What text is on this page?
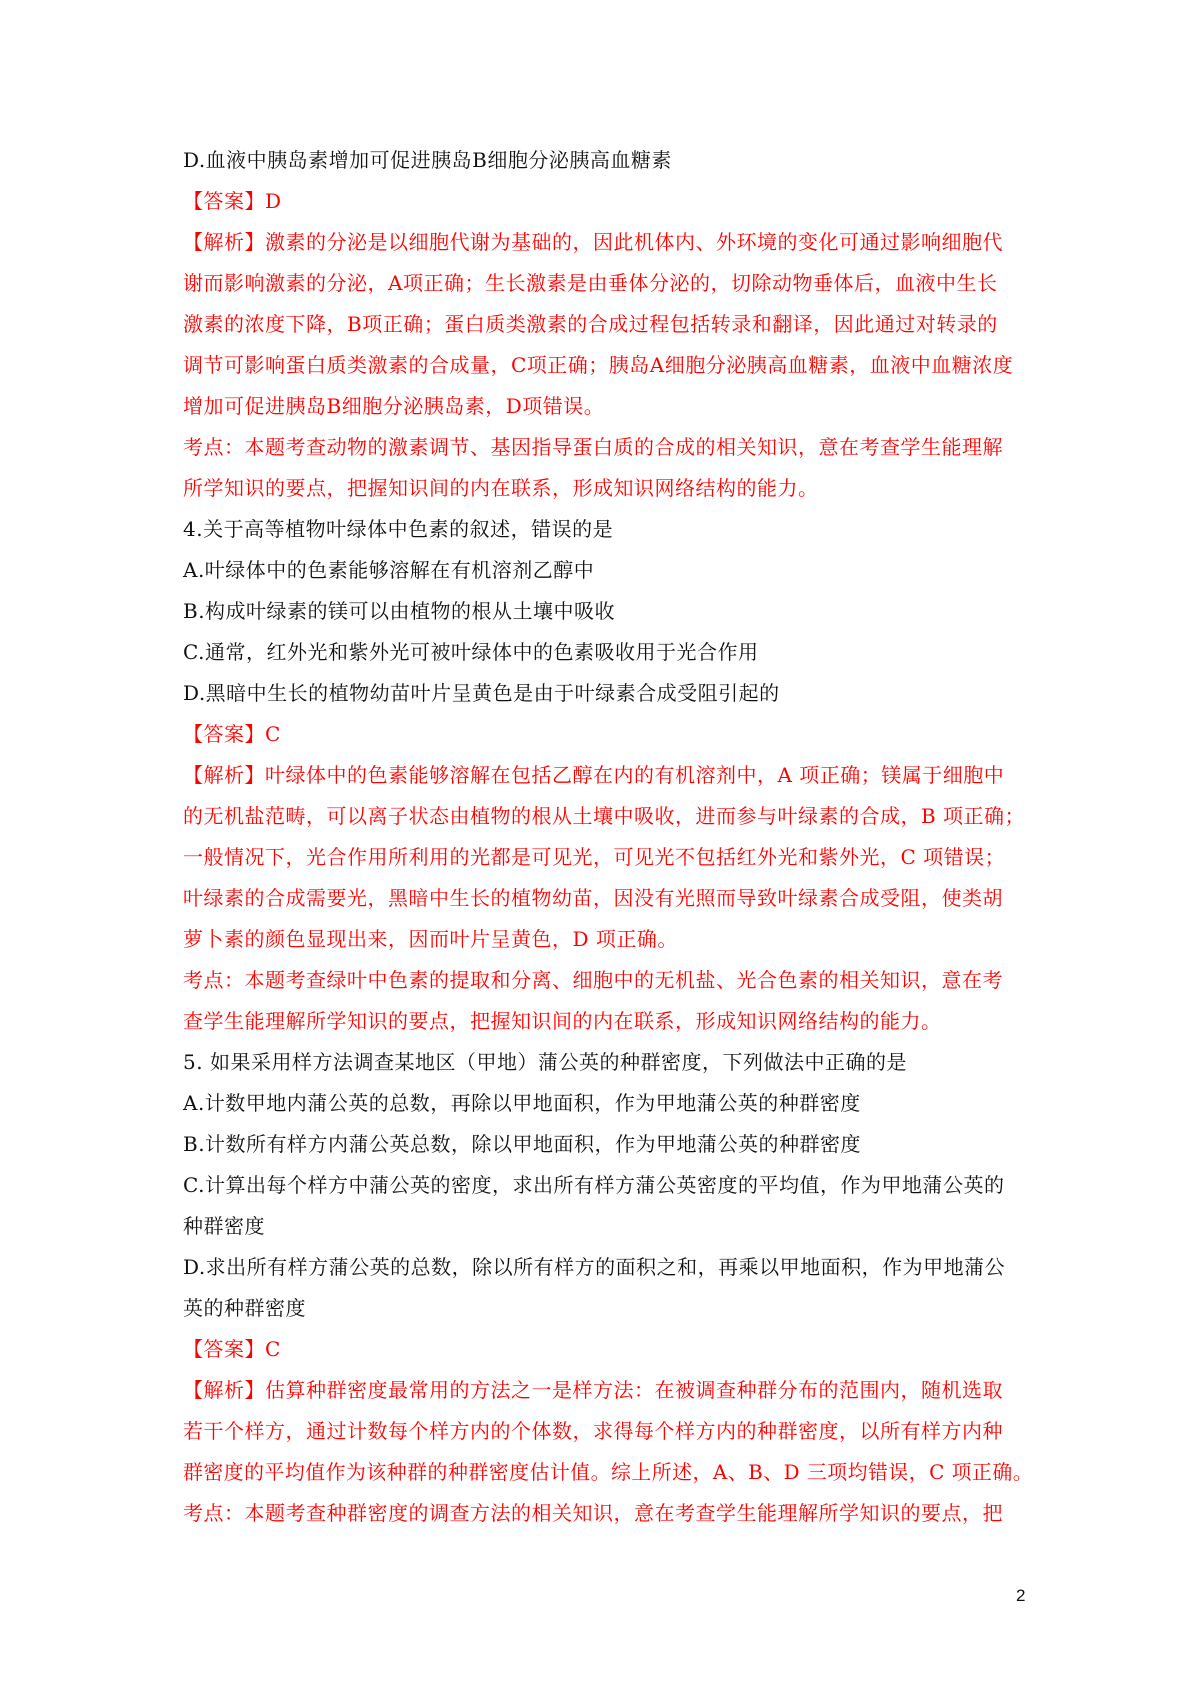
D.血液中胰岛素增加可促进胰岛B细胞分泌胰高血糖素
【答案】D
【解析】激素的分泌是以细胞代谢为基础的，因此机体内、外环境的变化可通过影响细胞代
谢而影响激素的分泌，A项正确；生长激素是由垂体分泌的，切除动物垂体后，血液中生长
激素的浓度下降，B项正确；蛋白质类激素的合成过程包括转录和翻译，因此通过对转录的
调节可影响蛋白质类激素的合成量，C项正确；胰岛A细胞分泌胰高血糖素，血液中血糖浓度
增加可促进胰岛B细胞分泌胰岛素，D项错误。
考点：本题考查动物的激素调节、基因指导蛋白质的合成的相关知识，意在考查学生能理解
所学知识的要点，把握知识间的内在联系，形成知识网络结构的能力。
4.关于高等植物叶绿体中色素的叙述，错误的是
A.叶绿体中的色素能够溶解在有机溶剂乙醇中
B.构成叶绿素的镁可以由植物的根从土壤中吸收
C.通常，红外光和紫外光可被叶绿体中的色素吸收用于光合作用
D.黑暗中生长的植物幼苗叶片呈黄色是由于叶绿素合成受阻引起的
【答案】C
【解析】叶绿体中的色素能够溶解在包括乙醇在内的有机溶剂中，A 项正确；镁属于细胞中
的无机盐范畴，可以离子状态由植物的根从土壤中吸收，进而参与叶绿素的合成，B 项正确；
一般情况下，光合作用所利用的光都是可见光，可见光不包括红外光和紫外光，C 项错误；
叶绿素的合成需要光，黑暗中生长的植物幼苗，因没有光照而导致叶绿素合成受阻，使类胡
萝卜素的颜色显现出来，因而叶片呈黄色，D 项正确。
考点：本题考查绿叶中色素的提取和分离、细胞中的无机盐、光合色素的相关知识，意在考
查学生能理解所学知识的要点，把握知识间的内在联系，形成知识网络结构的能力。
5. 如果采用样方法调查某地区（甲地）蒲公英的种群密度，下列做法中正确的是
A.计数甲地内蒲公英的总数，再除以甲地面积，作为甲地蒲公英的种群密度
B.计数所有样方内蒲公英总数，除以甲地面积，作为甲地蒲公英的种群密度
C.计算出每个样方中蒲公英的密度，求出所有样方蒲公英密度的平均值，作为甲地蒲公英的
种群密度
D.求出所有样方蒲公英的总数，除以所有样方的面积之和，再乘以甲地面积，作为甲地蒲公
英的种群密度
【答案】C
【解析】估算种群密度最常用的方法之一是样方法：在被调查种群分布的范围内，随机选取
若干个样方，通过计数每个样方内的个体数，求得每个样方内的种群密度，以所有样方内种
群密度的平均值作为该种群的种群密度估计值。综上所述，A、B、D 三项均错误，C 项正确。
考点：本题考查种群密度的调查方法的相关知识，意在考查学生能理解所学知识的要点，把
2
